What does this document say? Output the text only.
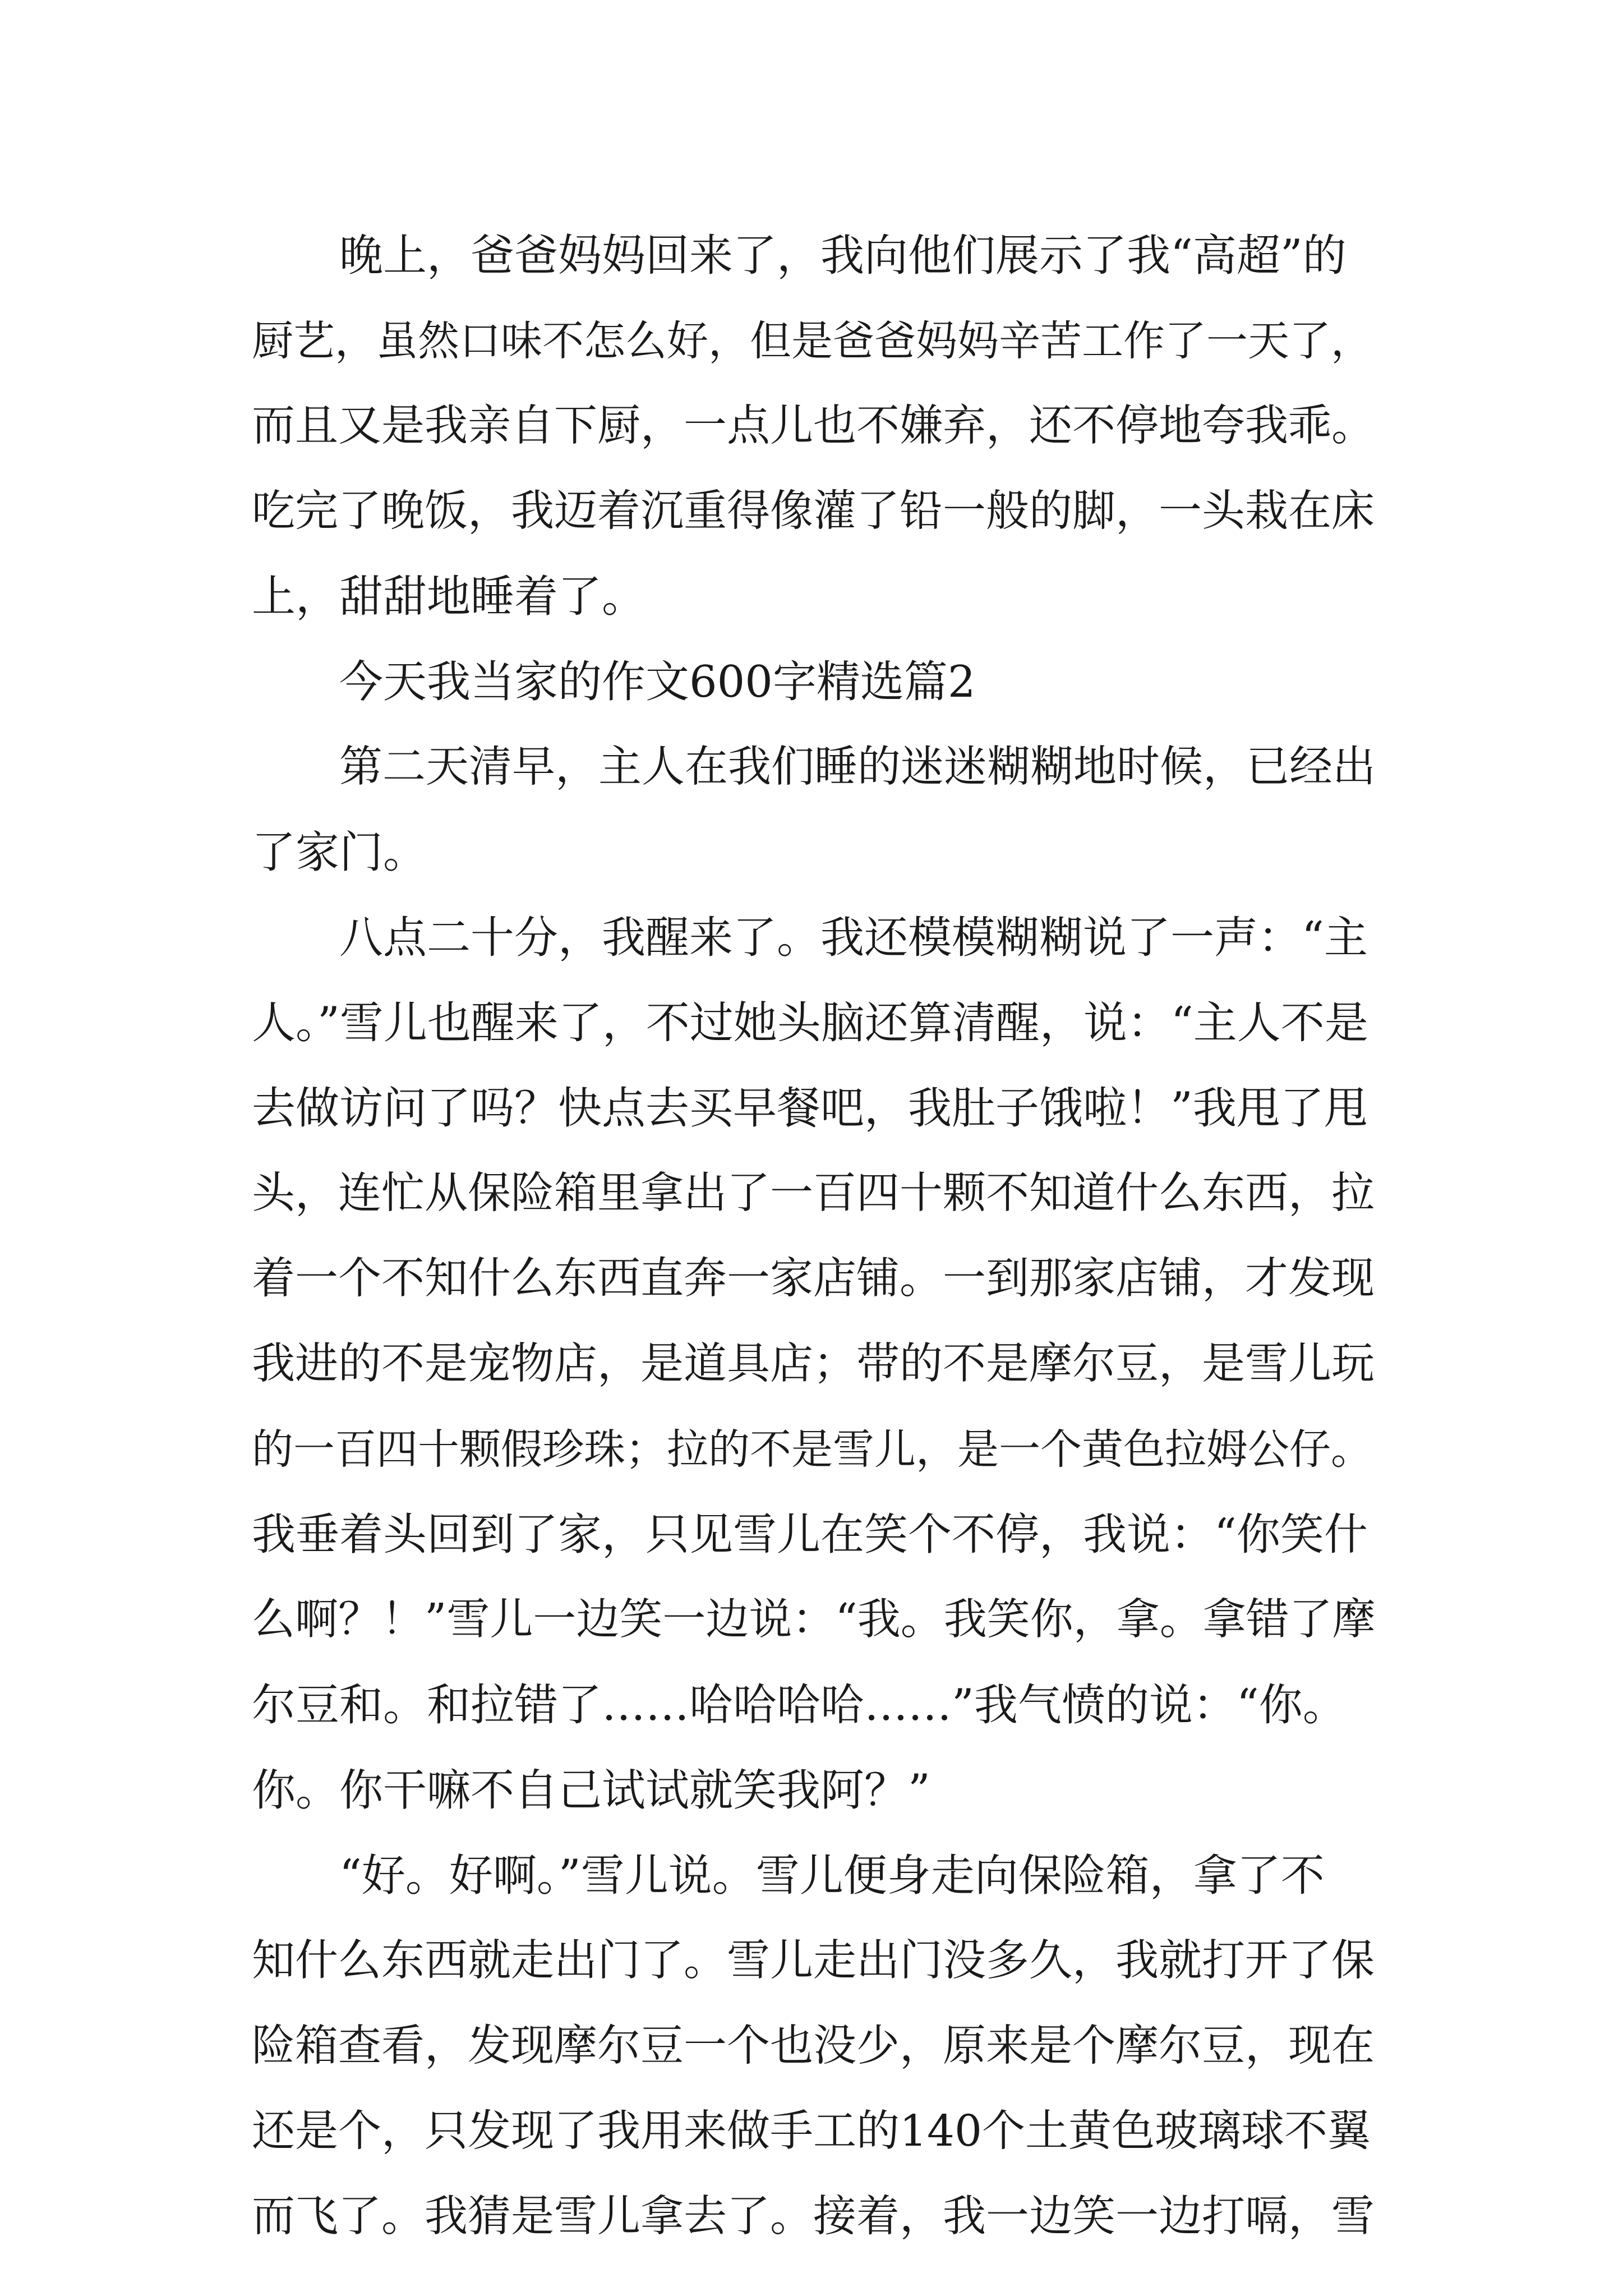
晚上，爸爸妈妈回来了，我向他们展示了我“高超”的
厨艺，虽然口味不怎么好，但是爸爸妈妈辛苦工作了一天了，
而且又是我亲自下厨，一点儿也不嫌弃，还不停地夸我乖。
吃完了晚饭，我迈着沉重得像灌了铅一般的脚，一头栽在床
上，甜甜地睡着了。
今天我当家的作文600字精选篇2
第二天清早，主人在我们睡的迷迷糊糊地时候，已经出
了家门。
八点二十分，我醒来了。我还模模糊糊说了一声：“主
人。”雪儿也醒来了，不过她头脑还算清醒，说：“主人不是
去做访问了吗？快点去买早餐吧，我肚子饿啦！”我甩了甩
头，连忙从保险箱里拿出了一百四十颗不知道什么东西，拉
着一个不知什么东西直奔一家店铺。一到那家店铺，才发现
我进的不是宠物店，是道具店；带的不是摩尔豆，是雪儿玩
的一百四十颗假珍珠；拉的不是雪儿，是一个黄色拉姆公仔。
我垂着头回到了家，只见雪儿在笑个不停，我说：“你笑什
么啊？！”雪儿一边笑一边说：“我。我笑你，拿。拿错了摩
尔豆和。和拉错了……哈哈哈哈……”我气愤的说：“你。
你。你干嘛不自己试试就笑我阿？”
“好。好啊。”雪儿说。雪儿便身走向保险箱，拿了不
知什么东西就走出门了。雪儿走出门没多久，我就打开了保
险箱查看，发现摩尔豆一个也没少，原来是个摩尔豆，现在
还是个，只发现了我用来做手工的140个土黄色玻璃球不翼
而飞了。我猜是雪儿拿去了。接着，我一边笑一边打嗝，雪
